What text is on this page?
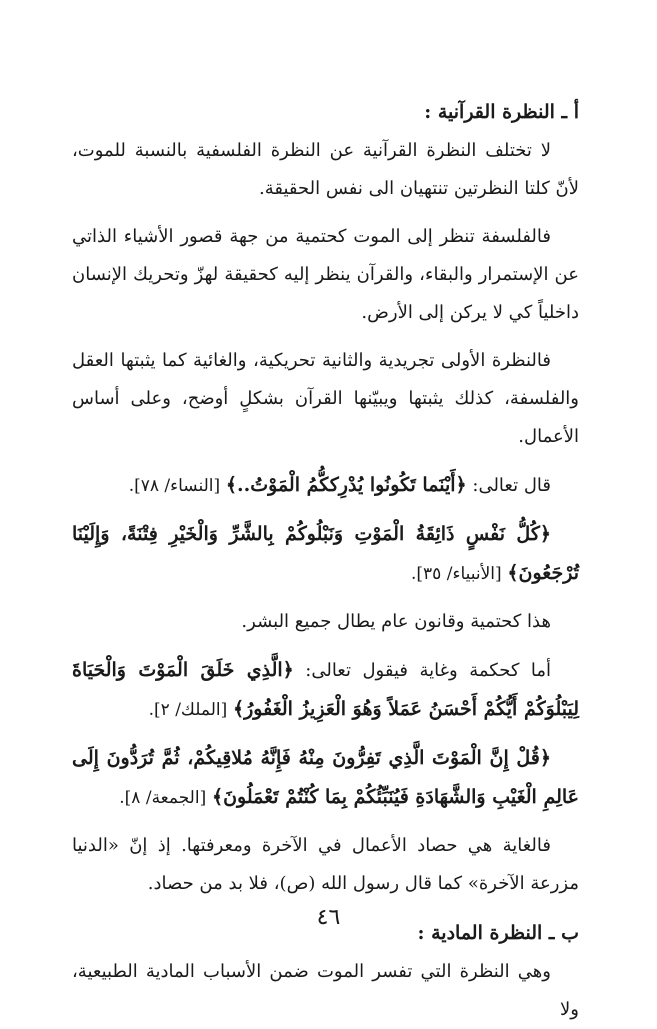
أ ـ النظرة القرآنية :

لا تختلف النظرة القرآنية عن النظرة الفلسفية بالنسبة للموت، لأنّ كلتا النظرتين تنتهيان الى نفس الحقيقة.

فالفلسفة تنظر إلى الموت كحتمية من جهة قصور الأشياء الذاتي عن الإستمرار والبقاء، والقرآن ينظر إليه كحقيقة لهزّ وتحريك الإنسان داخلياً كي لا يركن إلى الأرض.

فالنظرة الأولى تجريدية والثانية تحريكية، والغائية كما يثبتها العقل والفلسفة، كذلك يثبتها ويبيّنها القرآن بشكلٍ أوضح، وعلى أساس الأعمال.

قال تعالى: ﴿أَيْنَما تَكُونُوا يُدْرِككُّمُ الْمَوْتُ..﴾ [النساء/ ٧٨].

﴿كُلُّ نَفْسٍ ذَائِقَةُ الْمَوْتِ وَنَبْلُوكُمْ بِالشَّرِّ وَالْخَيْرِ فِتْنَةً، وَإِلَيْنَا تُرْجَعُونَ﴾ [الأنبياء/ ٣٥].

هذا كحتمية وقانون عام يطال جميع البشر.

أما كحكمة وغاية فيقول تعالى: ﴿الَّذِي خَلَقَ الْمَوْتَ وَالْحَيَاةَ لِيَبْلُوَكُمْ أَيُّكُمْ أَحْسَنُ عَمَلاً وَهُوَ الْعَزِيزُ الْغَفُورُ﴾ [الملك/ ٢].

﴿قُلْ إِنَّ الْمَوْتَ الَّذِي تَفِرُّونَ مِنْهُ فَإِنَّهُ مُلاقِيكُمْ، ثُمَّ تُرَدُّونَ إِلَى عَالِمِ الْغَيْبِ وَالشَّهَادَةِ فَيُنَبِّئُكُمْ بِمَا كُنْتُمْ تَعْمَلُونَ﴾ [الجمعة/ ٨].

فالغاية هي حصاد الأعمال في الآخرة ومعرفتها. إذ إنّ «الدنيا مزرعة الآخرة» كما قال رسول الله (ص)، فلا بد من حصاد.

ب ـ النظرة المادية :

وهي النظرة التي تفسر الموت ضمن الأسباب المادية الطبيعية، ولا

٤٦
